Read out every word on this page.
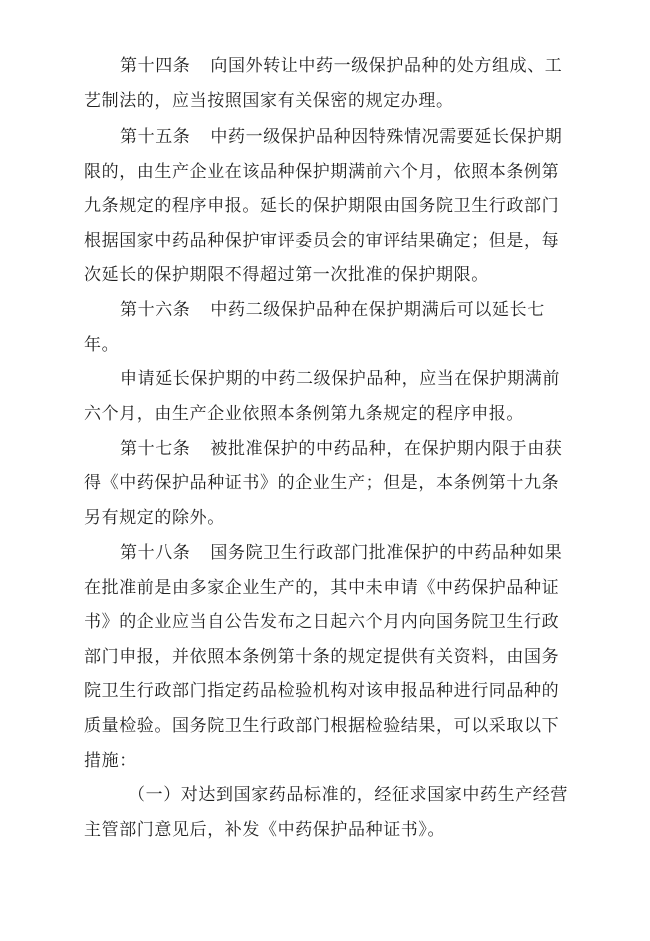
第十四条 向国外转让中药一级保护品种的处方组成、工

艺制法的，应当按照国家有关保密的规定办理。

第十五条 中药一级保护品种因特殊情况需要延长保护期

限的，由生产企业在该品种保护期满前六个月，依照本条例第

九条规定的程序申报。延长的保护期限由国务院卫生行政部门

根据国家中药品种保护审评委员会的审评结果确定；但是，每

次延长的保护期限不得超过第一次批准的保护期限。

第十六条 中药二级保护品种在保护期满后可以延长七

年。

申请延长保护期的中药二级保护品种，应当在保护期满前

六个月，由生产企业依照本条例第九条规定的程序申报。

第十七条 被批准保护的中药品种，在保护期内限于由获

得《中药保护品种证书》的企业生产；但是，本条例第十九条

另有规定的除外。

第十八条 国务院卫生行政部门批准保护的中药品种如果

在批准前是由多家企业生产的，其中未申请《中药保护品种证

书》的企业应当自公告发布之日起六个月内向国务院卫生行政

部门申报，并依照本条例第十条的规定提供有关资料，由国务

院卫生行政部门指定药品检验机构对该申报品种进行同品种的

质量检验。国务院卫生行政部门根据检验结果，可以采取以下

措施：

（一）对达到国家药品标准的，经征求国家中药生产经营

主管部门意见后，补发《中药保护品种证书》。
